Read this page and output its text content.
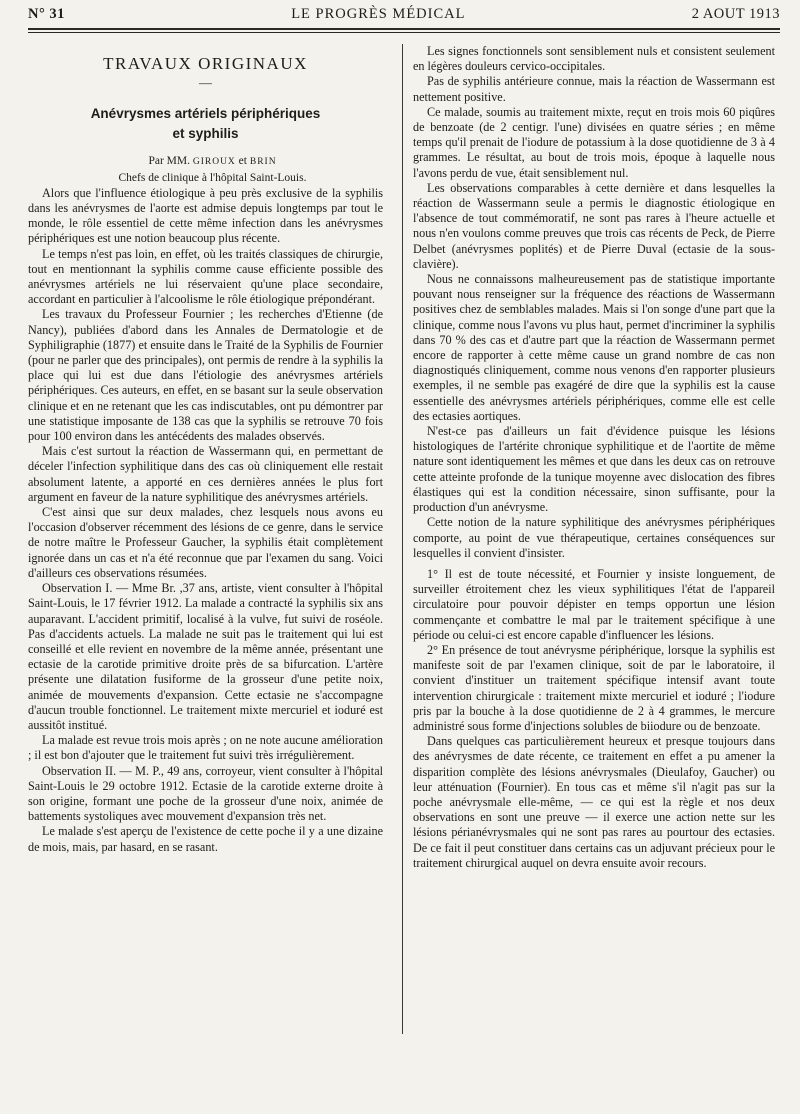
N° 31	LE PROGRÈS MÉDICAL	2 AOUT 1913
TRAVAUX ORIGINAUX
—
Anévrysmes artériels périphériques
et syphilis

Par MM. GIROUX et BRIN

Chefs de clinique à l'hôpital Saint-Louis.

Alors que l'influence étiologique à peu près exclusive de la syphilis dans les anévrysmes de l'aorte est admise depuis longtemps par tout le monde, le rôle essentiel de cette même infection dans les anévrysmes périphériques est une notion beaucoup plus récente.

Le temps n'est pas loin, en effet, où les traités classiques de chirurgie, tout en mentionnant la syphilis comme cause efficiente possible des anévrysmes artériels ne lui réservaient qu'une place secondaire, accordant en particulier à l'alcoolisme le rôle étiologique prépondérant.

Les travaux du Professeur Fournier ; les recherches d'Etienne (de Nancy), publiées d'abord dans les Annales de Dermatologie et de Syphiligraphie (1877) et ensuite dans le Traité de la Syphilis de Fournier (pour ne parler que des principales), ont permis de rendre à la syphilis la place qui lui est due dans l'étiologie des anévrysmes artériels périphériques. Ces auteurs, en effet, en se basant sur la seule observation clinique et en ne retenant que les cas indiscutables, ont pu démontrer par une statistique imposante de 138 cas que la syphilis se retrouve 70 fois pour 100 environ dans les antécédents des malades observés.

Mais c'est surtout la réaction de Wassermann qui, en permettant de déceler l'infection syphilitique dans des cas où cliniquement elle restait absolument latente, a apporté en ces dernières années le plus fort argument en faveur de la nature syphilitique des anévrysmes artériels.

C'est ainsi que sur deux malades, chez lesquels nous avons eu l'occasion d'observer récemment des lésions de ce genre, dans le service de notre maître le Professeur Gaucher, la syphilis était complètement ignorée dans un cas et n'a été reconnue que par l'examen du sang. Voici d'ailleurs ces observations résumées.

Observation I. — Mme Br. ,37 ans, artiste, vient consulter à l'hôpital Saint-Louis, le 17 février 1912. La malade a contracté la syphilis six ans auparavant. L'accident primitif, localisé à la vulve, fut suivi de roséole. Pas d'accidents actuels. La malade ne suit pas le traitement qui lui est conseillé et elle revient en novembre de la même année, présentant une ectasie de la carotide primitive droite près de sa bifurcation. L'artère présente une dilatation fusiforme de la grosseur d'une petite noix, animée de mouvements d'expansion. Cette ectasie ne s'accompagne d'aucun trouble fonctionnel. Le traitement mixte mercuriel et ioduré est aussitôt institué.

La malade est revue trois mois après ; on ne note aucune amélioration ; il est bon d'ajouter que le traitement fut suivi très irrégulièrement.

Observation II. — M. P., 49 ans, corroyeur, vient consulter à l'hôpital Saint-Louis le 29 octobre 1912. Ectasie de la carotide externe droite à son origine, formant une poche de la grosseur d'une noix, animée de battements systoliques avec mouvement d'expansion très net.

Le malade s'est aperçu de l'existence de cette poche il y a une dizaine de mois, mais, par hasard, en se rasant.

Les signes fonctionnels sont sensiblement nuls et consistent seulement en légères douleurs cervico-occipitales.

Pas de syphilis antérieure connue, mais la réaction de Wassermann est nettement positive.

Ce malade, soumis au traitement mixte, reçut en trois mois 60 piqûres de benzoate (de 2 centigr. l'une) divisées en quatre séries ; en même temps qu'il prenait de l'iodure de potassium à la dose quotidienne de 3 à 4 grammes. Le résultat, au bout de trois mois, époque à laquelle nous l'avons perdu de vue, était sensiblement nul.

Les observations comparables à cette dernière et dans lesquelles la réaction de Wassermann seule a permis le diagnostic étiologique en l'absence de tout commémoratif, ne sont pas rares à l'heure actuelle et nous n'en voulons comme preuves que trois cas récents de Peck, de Pierre Delbet (anévrysmes poplités) et de Pierre Duval (ectasie de la sous-clavière).

Nous ne connaissons malheureusement pas de statistique importante pouvant nous renseigner sur la fréquence des réactions de Wassermann positives chez de semblables malades. Mais si l'on songe d'une part que la clinique, comme nous l'avons vu plus haut, permet d'incriminer la syphilis dans 70 % des cas et d'autre part que la réaction de Wassermann permet encore de rapporter à cette même cause un grand nombre de cas non diagnostiqués cliniquement, comme nous venons d'en rapporter plusieurs exemples, il ne semble pas exagéré de dire que la syphilis est la cause essentielle des anévrysmes artériels périphériques, comme elle est celle des ectasies aortiques.

N'est-ce pas d'ailleurs un fait d'évidence puisque les lésions histologiques de l'artérite chronique syphilitique et de l'aortite de même nature sont identiquement les mêmes et que dans les deux cas on retrouve cette atteinte profonde de la tunique moyenne avec dislocation des fibres élastiques qui est la condition nécessaire, sinon suffisante, pour la production d'un anévrysme.

Cette notion de la nature syphilitique des anévrysmes périphériques comporte, au point de vue thérapeutique, certaines conséquences sur lesquelles il convient d'insister.

1° Il est de toute nécessité, et Fournier y insiste longuement, de surveiller étroitement chez les vieux syphilitiques l'état de l'appareil circulatoire pour pouvoir dépister en temps opportun une lésion commençante et combattre le mal par le traitement spécifique à une période ou celui-ci est encore capable d'influencer les lésions.

2° En présence de tout anévrysme périphérique, lorsque la syphilis est manifeste soit de par l'examen clinique, soit de par le laboratoire, il convient d'instituer un traitement spécifique intensif avant toute intervention chirurgicale : traitement mixte mercuriel et ioduré ; l'iodure pris par la bouche à la dose quotidienne de 2 à 4 grammes, le mercure administré sous forme d'injections solubles de biiodure ou de benzoate.

Dans quelques cas particulièrement heureux et presque toujours dans des anévrysmes de date récente, ce traitement en effet a pu amener la disparition complète des lésions anévrysmales (Dieulafoy, Gaucher) ou leur atténuation (Fournier). En tous cas et même s'il n'agit pas sur la poche anévrysmale elle-même, — ce qui est la règle et nos deux observations en sont une preuve — il exerce une action nette sur les lésions périanévrysmales qui ne sont pas rares au pourtour des ectasies. De ce fait il peut constituer dans certains cas un adjuvant précieux pour le traitement chirurgical auquel on devra ensuite avoir recours.
